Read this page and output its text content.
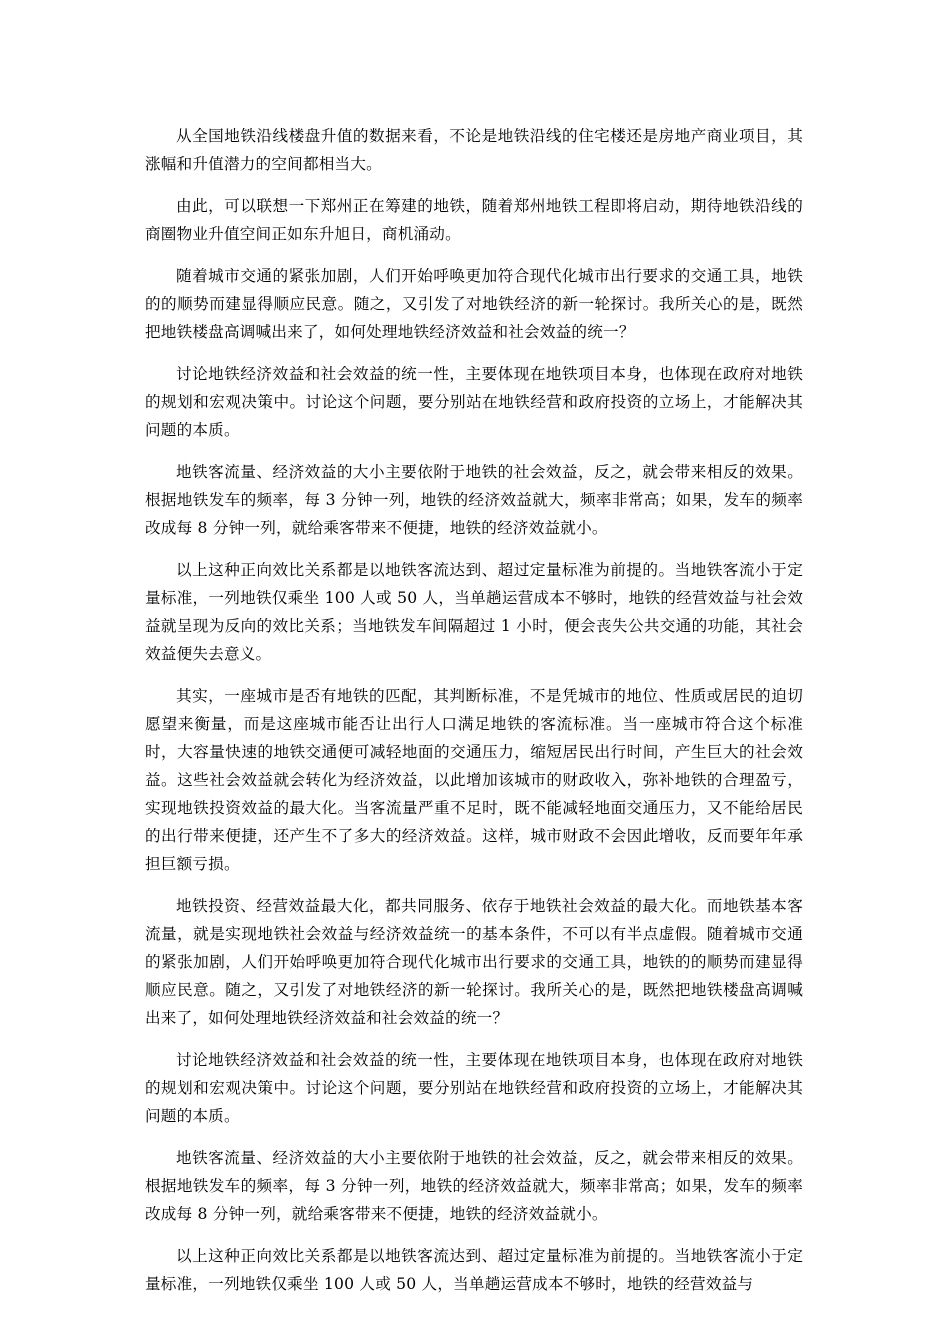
从全国地铁沿线楼盘升值的数据来看，不论是地铁沿线的住宅楼还是房地产商业项目，其涨幅和升值潜力的空间都相当大。

由此，可以联想一下郑州正在筹建的地铁，随着郑州地铁工程即将启动，期待地铁沿线的商圈物业升值空间正如东升旭日，商机涌动。

随着城市交通的紧张加剧，人们开始呼唤更加符合现代化城市出行要求的交通工具，地铁的的顺势而建显得顺应民意。随之，又引发了对地铁经济的新一轮探讨。我所关心的是，既然把地铁楼盘高调喊出来了，如何处理地铁经济效益和社会效益的统一？

讨论地铁经济效益和社会效益的统一性，主要体现在地铁项目本身，也体现在政府对地铁的规划和宏观决策中。讨论这个问题，要分别站在地铁经营和政府投资的立场上，才能解决其问题的本质。

地铁客流量、经济效益的大小主要依附于地铁的社会效益，反之，就会带来相反的效果。根据地铁发车的频率，每 3 分钟一列，地铁的经济效益就大，频率非常高；如果，发车的频率改成每 8 分钟一列，就给乘客带来不便捷，地铁的经济效益就小。

以上这种正向效比关系都是以地铁客流达到、超过定量标准为前提的。当地铁客流小于定量标准，一列地铁仅乘坐 100 人或 50 人，当单趟运营成本不够时，地铁的经营效益与社会效益就呈现为反向的效比关系；当地铁发车间隔超过 1 小时，便会丧失公共交通的功能，其社会效益便失去意义。

其实，一座城市是否有地铁的匹配，其判断标准，不是凭城市的地位、性质或居民的迫切愿望来衡量，而是这座城市能否让出行人口满足地铁的客流标准。当一座城市符合这个标准时，大容量快速的地铁交通便可减轻地面的交通压力，缩短居民出行时间，产生巨大的社会效益。这些社会效益就会转化为经济效益，以此增加该城市的财政收入，弥补地铁的合理盈亏，实现地铁投资效益的最大化。当客流量严重不足时，既不能减轻地面交通压力，又不能给居民的出行带来便捷，还产生不了多大的经济效益。这样，城市财政不会因此增收，反而要年年承担巨额亏损。

地铁投资、经营效益最大化，都共同服务、依存于地铁社会效益的最大化。而地铁基本客流量，就是实现地铁社会效益与经济效益统一的基本条件，不可以有半点虚假。随着城市交通的紧张加剧，人们开始呼唤更加符合现代化城市出行要求的交通工具，地铁的的顺势而建显得顺应民意。随之，又引发了对地铁经济的新一轮探讨。我所关心的是，既然把地铁楼盘高调喊出来了，如何处理地铁经济效益和社会效益的统一？

讨论地铁经济效益和社会效益的统一性，主要体现在地铁项目本身，也体现在政府对地铁的规划和宏观决策中。讨论这个问题，要分别站在地铁经营和政府投资的立场上，才能解决其问题的本质。

地铁客流量、经济效益的大小主要依附于地铁的社会效益，反之，就会带来相反的效果。根据地铁发车的频率，每 3 分钟一列，地铁的经济效益就大，频率非常高；如果，发车的频率改成每 8 分钟一列，就给乘客带来不便捷，地铁的经济效益就小。

以上这种正向效比关系都是以地铁客流达到、超过定量标准为前提的。当地铁客流小于定量标准，一列地铁仅乘坐 100 人或 50 人，当单趟运营成本不够时，地铁的经营效益与
